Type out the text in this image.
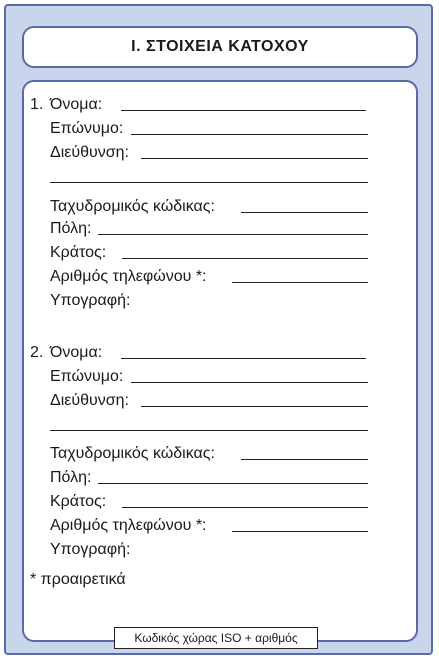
Ι. ΣΤΟΙΧΕΙΑ ΚΑΤΟΧΟΥ
1. Όνομα:
Επώνυμο:
Διεύθυνση:
Ταχυδρομικός κώδικας:
Πόλη:
Κράτος:
Αριθμός τηλεφώνου *:
Υπογραφή:
2. Όνομα:
Επώνυμο:
Διεύθυνση:
Ταχυδρομικός κώδικας:
Πόλη:
Κράτος:
Αριθμός τηλεφώνου *:
Υπογραφή:
* προαιρετικά
Κωδικός χώρας ISO + αριθμός
